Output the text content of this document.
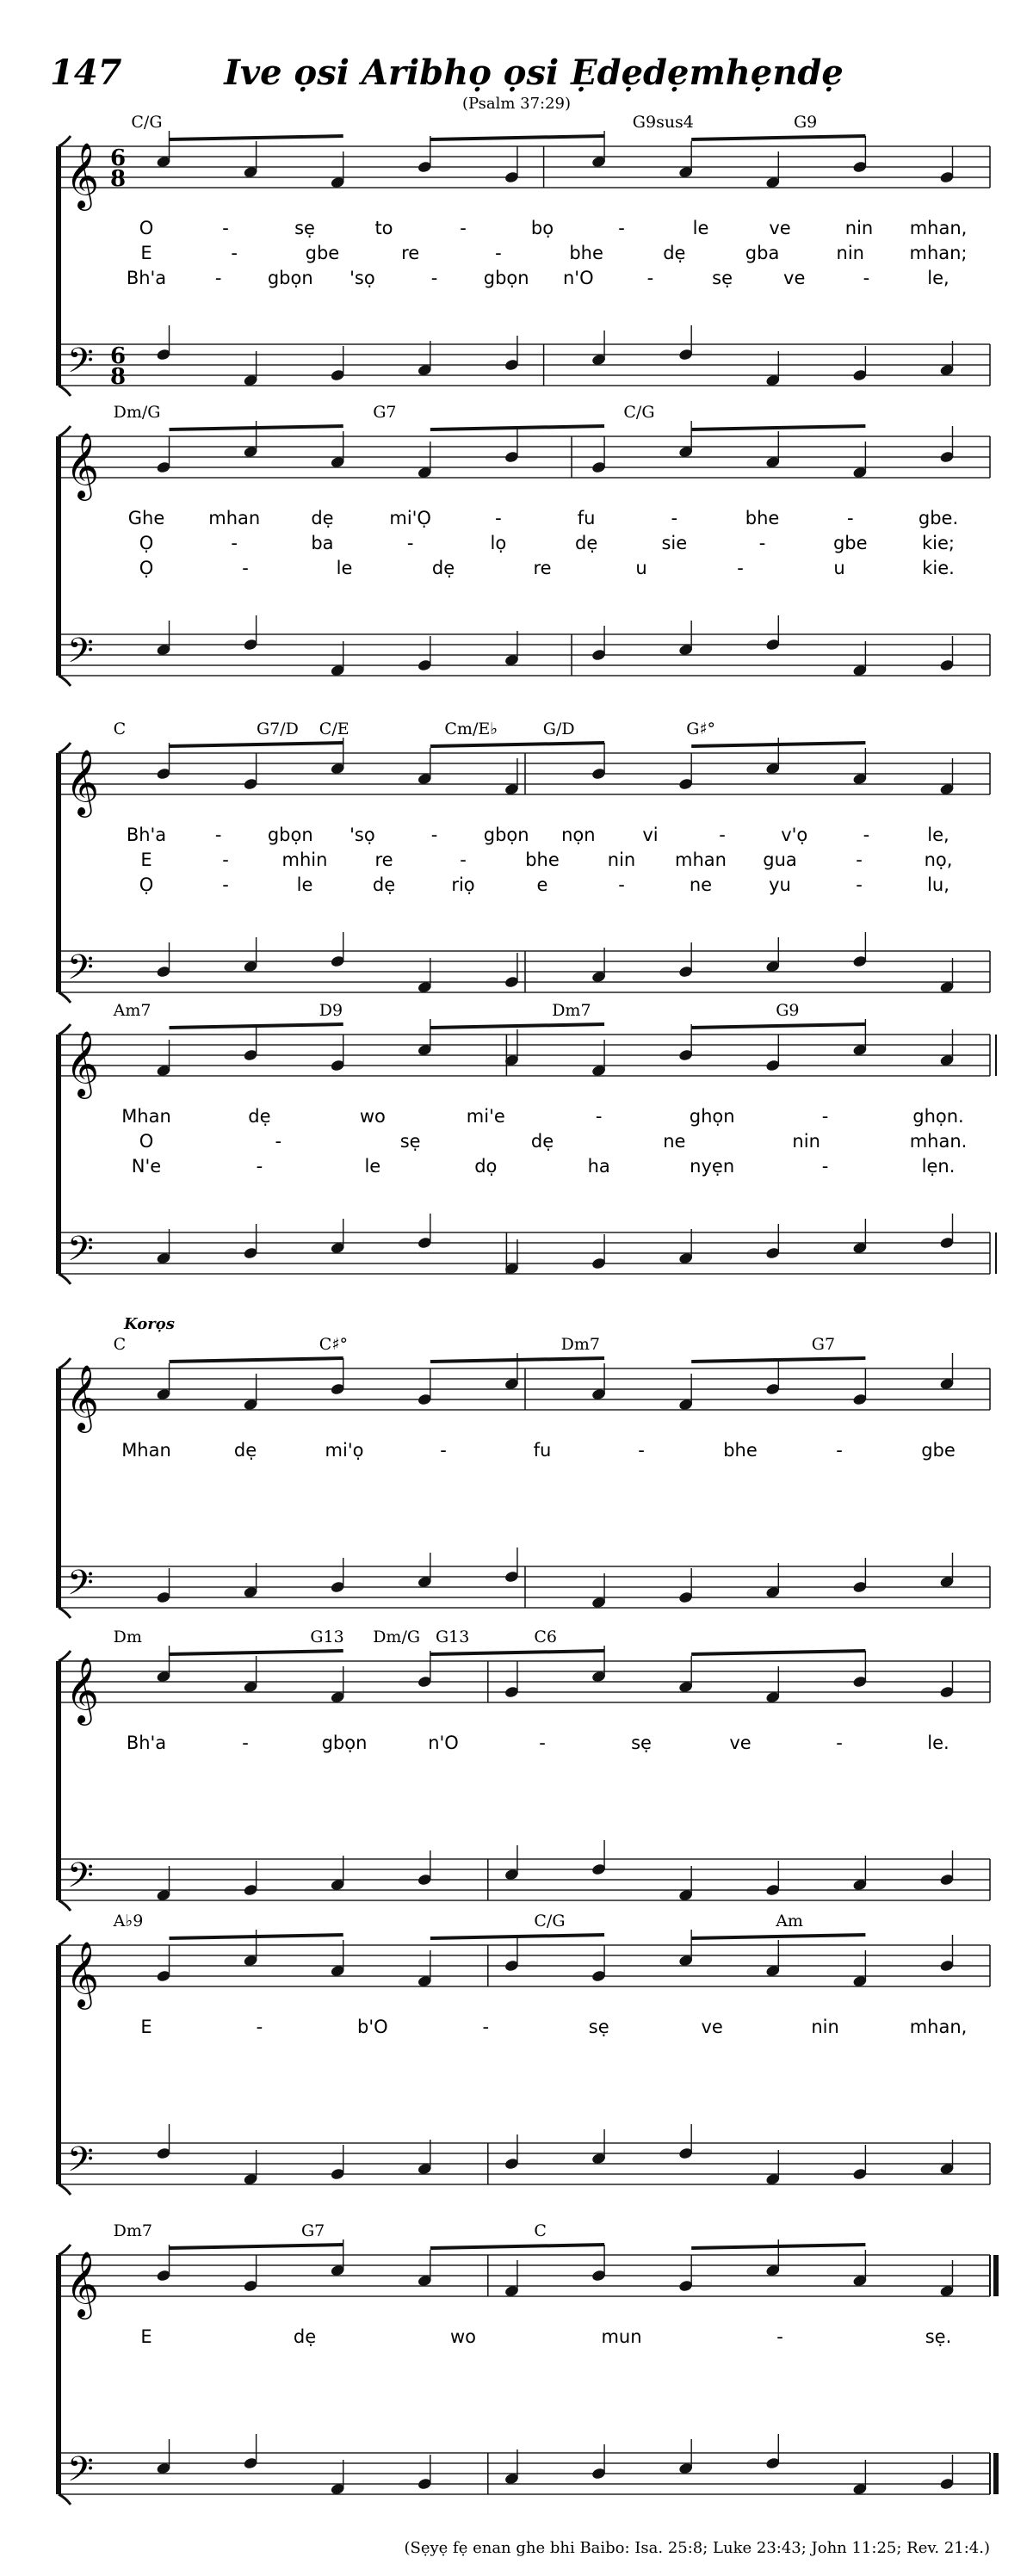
147	Ive ọsi Aribhọ ọsi Ẹdẹdẹmhẹndẹ
(Psalm 37:29)
𝄞
𝄢
6
6
8
8
C/G	G9sus4	G9
O	-	sẹ	to	-	bọ	-	le	ve	nin mhan,
E	-	gbe	re	-	bhe	dẹ	gba	nin mhan;
Bh'a	-	gbọn 'sọ	-	gbọn n'O	-	sẹ	ve	-	le,
𝄞
𝄢
Dm/G	G7	C/G
Ghe mhan	dẹ	mi'Ọ	-	fu	-	bhe	-	gbe.
Ọ	-	ba	-	lọ	dẹ	sie	-	gbe	kie;
Ọ	-	le	dẹ	re	u	-	u	kie.
𝄞
𝄢
C	G7/D C/E	Cm/E♭	G/D	G♯°
Bh'a	-	gbọn 'sọ	-	gbọn nọn	vi	-	v'ọ	-	le,
E	-	mhin	re	-	bhe	nin mhan gua	-	nọ,
Ọ	-	le	dẹ	riọ	e	-	ne	yu	-	lu,
𝄞
𝄢
Am7	D9	Dm7	G9
Mhan	dẹ	wo	mi'e	-	ghọn	-	ghọn.
O	-	sẹ	dẹ	ne	nin	mhan.
N'e	-	le	dọ	ha	nyẹn	-	lẹn.
𝄞
𝄢
C	C♯°	Dm7	G7
Korọs
Mhan	dẹ	mi'ọ	-	fu	-	bhe	-	gbe
𝄞
𝄢
Dm	G13 Dm/G G13	C6
Bh'a	-	gbọn	n'O	-	sẹ	ve	-	le.
𝄞
𝄢
A♭9	C/G	Am
E	-	b'O	-	sẹ	ve	nin	mhan,
𝄞
𝄢
Dm7	G7	C
E	dẹ	wo	mun	-	sẹ.
(Sẹyẹ fẹ enan ghe bhi Baibo: Isa. 25:8; Luke 23:43; John 11:25; Rev. 21:4.)
